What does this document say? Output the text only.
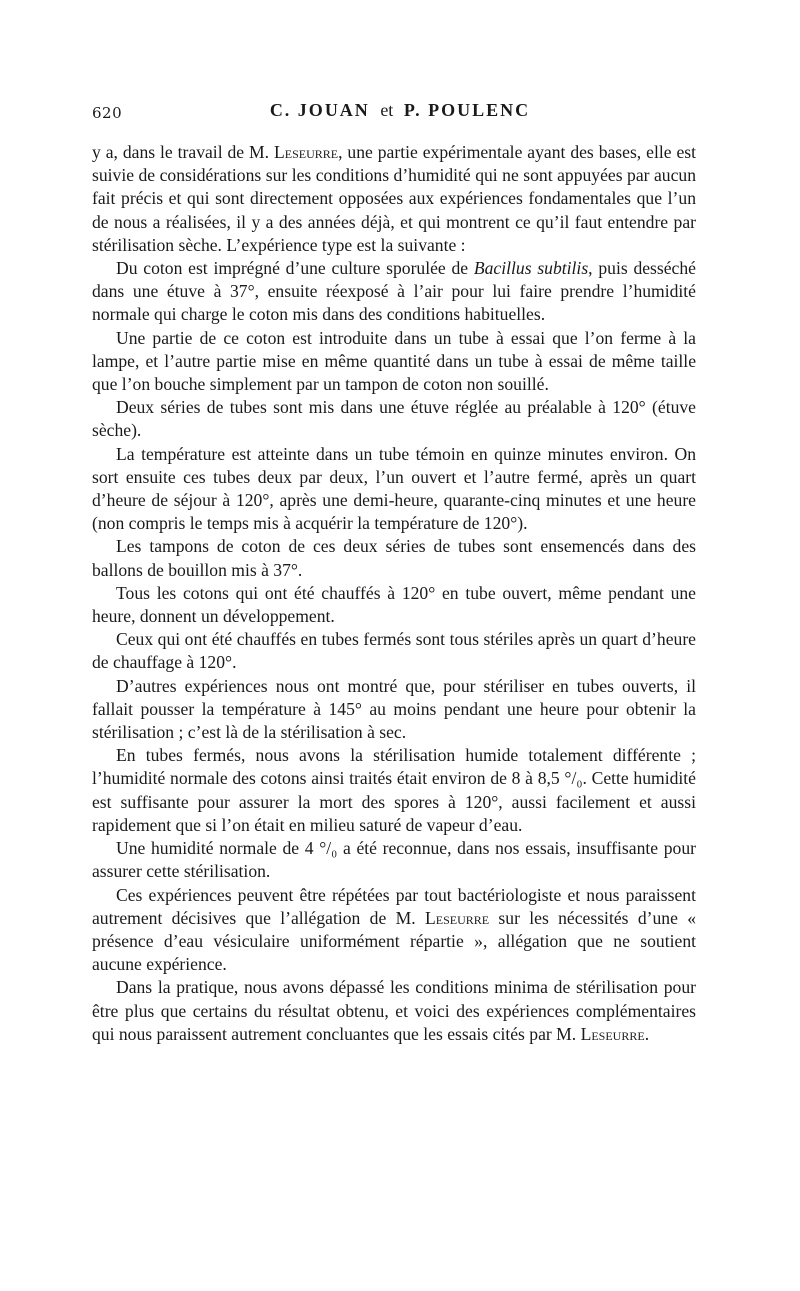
620	C. JOUAN et P. POULENC

y a, dans le travail de M. Leseurre, une partie expérimentale ayant des bases, elle est suivie de considérations sur les conditions d’humidité qui ne sont appuyées par aucun fait précis et qui sont directement opposées aux expériences fondamentales que l’un de nous a réalisées, il y a des années déjà, et qui montrent ce qu’il faut entendre par stérilisation sèche. L’expérience type est la suivante :

Du coton est imprégné d’une culture sporulée de Bacillus subtilis, puis desséché dans une étuve à 37°, ensuite réexposé à l’air pour lui faire prendre l’humidité normale qui charge le coton mis dans des conditions habituelles.

Une partie de ce coton est introduite dans un tube à essai que l’on ferme à la lampe, et l’autre partie mise en même quantité dans un tube à essai de même taille que l’on bouche simplement par un tampon de coton non souillé.

Deux séries de tubes sont mis dans une étuve réglée au préalable à 120° (étuve sèche).

La température est atteinte dans un tube témoin en quinze minutes environ. On sort ensuite ces tubes deux par deux, l’un ouvert et l’autre fermé, après un quart d’heure de séjour à 120°, après une demi-heure, quarante-cinq minutes et une heure (non compris le temps mis à acquérir la température de 120°).

Les tampons de coton de ces deux séries de tubes sont ensemencés dans des ballons de bouillon mis à 37°.

Tous les cotons qui ont été chauffés à 120° en tube ouvert, même pendant une heure, donnent un développement.

Ceux qui ont été chauffés en tubes fermés sont tous stériles après un quart d’heure de chauffage à 120°.

D’autres expériences nous ont montré que, pour stériliser en tubes ouverts, il fallait pousser la température à 145° au moins pendant une heure pour obtenir la stérilisation ; c’est là de la stérilisation à sec.

En tubes fermés, nous avons la stérilisation humide totalement différente ; l’humidité normale des cotons ainsi traités était environ de 8 à 8,5 °/₀. Cette humidité est suffisante pour assurer la mort des spores à 120°, aussi facilement et aussi rapidement que si l’on était en milieu saturé de vapeur d’eau.

Une humidité normale de 4 °/₀ a été reconnue, dans nos essais, insuffisante pour assurer cette stérilisation.

Ces expériences peuvent être répétées par tout bactériologiste et nous paraissent autrement décisives que l’allégation de M. Leseurre sur les nécessités d’une « présence d’eau vésiculaire uniformément répartie », allégation que ne soutient aucune expérience.

Dans la pratique, nous avons dépassé les conditions minima de stérilisation pour être plus que certains du résultat obtenu, et voici des expériences complémentaires qui nous paraissent autrement concluantes que les essais cités par M. Leseurre.
